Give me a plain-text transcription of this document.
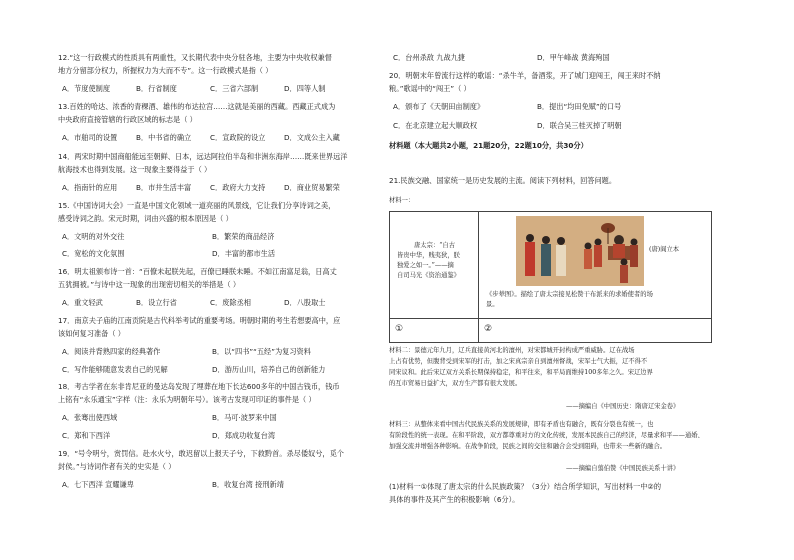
12.“这一行政模式的性质具有两重性，又长期代表中央分驻各地，主要为中央收权兼督
地方分留部分权力，所握权力为大而不专”。这一行政模式是指（ ）
A．节度使制度	B．行省制度	C．三省六部制	D．四等人制
13.百姓的哈达、浓香的青稞酒、雄伟的布达拉宫……这就是美丽的西藏。西藏正式成为
中央政府直接管辖的行政区域的标志是（ ）
A．市舶司的设置	B．中书省的确立	C．宣政院的设立	D．文成公主入藏
14．两宋时期中国商船能远至朝鲜、日本，远达阿拉伯半岛和非洲东海岸……既来世界远洋
航海技术也得到发展。这一现象主要得益于（ ）
A．指南针的应用	B．市井生活丰富	C．政府大力支持	D．商业贸易繁荣
15.《中国诗词大会》一直是中国文化领域一道亮丽的风景线，它让我们分享诗词之美，
感受诗词之韵。宋元时期，词由兴盛的根本原因是（ ）
A．文明的对外交往	B．繁荣的商品经济
C．宽松的文化氛围	D．丰富的都市生活
16．明太祖颁布诗一首：“百僚未起朕先起，百僚已睡朕未睡。不如江南富足翁，日高丈
五犹拥被。”与诗中这一现象的出现密切相关的举措是（ ）
A．重文轻武	B．设立行省	C．废除丞相	D．八股取士
17．南京夫子庙的江南贡院是古代科举考试的重要考场。明朝时期的考生若想要高中，应
该如何复习准备（ ）
A．阅读并背熟四家的经典著作	B．以“四书”“五经”为复习资料
C．写作能够随意发表自己的见解	D．游历山川，培养自己的创新能力
18．考古学者在东非肯尼亚的曼达岛发现了埋葬在地下长达600多年的中国古钱币，钱币
上铭有“永乐通宝”字样（注：永乐为明朝年号）。该考古发现可印证的事件是（ ）
A．张骞出使西域	B．马可·波罗来中国
C．郑和下西洋	D．郑成功收复台湾
19．“号令明兮，赏罚信。赴水火兮，敢迟留以上报天子兮，下救黔首。杀尽倭奴兮，觅个
封侯。”与诗词作者有关的史实是（ ）
A．七下西洋 宣耀谦卑	B．收复台湾 接刑新靖
C．台州杀敌 九战九捷	D．甲午峰战 黄海殉国
20．明朝末年曾流行这样的歌谣：“杀牛羊，备酒浆，开了城门迎闯王，闯王来时不纳
粮。”歌谣中的“闯王”（ ）
A．颁布了《天朝田亩制度》	B．提出“均田免赋”的口号
C．在北京建立起大顺政权	D．联合吴三桂灭掉了明朝
材料题（本大题共2小题，21题20分，22题10分，共30分）
21.民族交融、国家统一是历史发展的主流。阅读下列材料，回答问题。
材料一：
唐太宗：“自古
皆贵中华，贱夷狄，朕
独爱之如一。”——摘
自司马光《资治通鉴》
(唐)阎立本
《步辇图》。描绘了唐太宗接见松赞干布派来的求婚使者的场
景。
①	②
材料二：景德元年九月，辽兵直接黄河北的澶州，对宋都城开封构成严重威胁。辽在战场
上占有优势，但腹背受到宋军的打击，加之宋真宗亲自到澶州督战，宋军士气大振，辽不得不
同宋议和。此后宋辽双方关系长期保持稳定，和平往来，和平局面维持100多年之久。宋辽边界
的互市贸易日益扩大，双方生产都有很大发展。
——摘编自《中国历史：隋唐辽宋金卷》
材料三：从整体来看中国古代民族关系的发展规律，即有矛盾也有融合，既有分裂也有统一，也
有阶段性的统一表现。在和平阶段，双方都尊重对方的文化传统，发展本民族自己的经济，尽量求和平——通婚、
加强交流并增强各种影响。在战争阶段，民族之间的交往和融合会受到阻碍，也带来一些新的融合。
——摘编自翦伯赞《中国民族关系十讲》
(1)材料一①体现了唐太宗的什么民族政策？（3分）结合所学知识，写出材料一中②的
具体的事件及其产生的积极影响（6分）。
